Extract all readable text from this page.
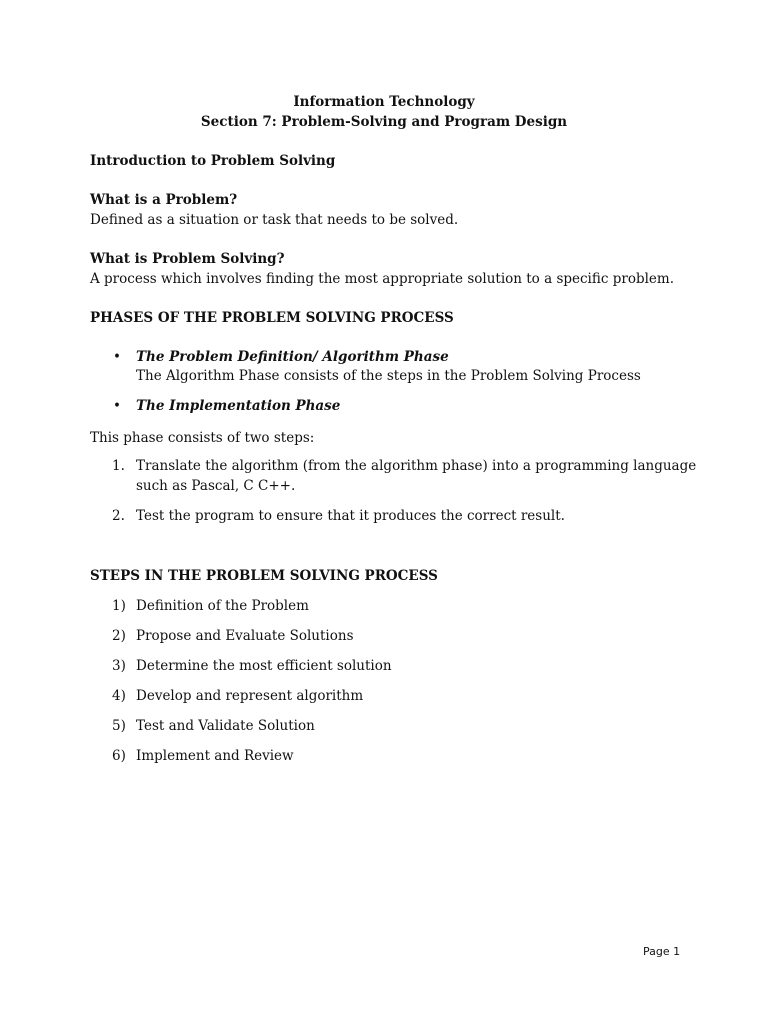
Information Technology
Section 7: Problem-Solving and Program Design
Introduction to Problem Solving
What is a Problem?
Defined as a situation or task that needs to be solved.
What is Problem Solving?
A process which involves finding the most appropriate solution to a specific problem.
PHASES OF THE PROBLEM SOLVING PROCESS
• The Problem Definition/ Algorithm Phase
The Algorithm Phase consists of the steps in the Problem Solving Process
• The Implementation Phase
This phase consists of two steps:
1. Translate the algorithm (from the algorithm phase) into a programming language
such as Pascal, C C++.
2. Test the program to ensure that it produces the correct result.
STEPS IN THE PROBLEM SOLVING PROCESS
1) Definition of the Problem
2) Propose and Evaluate Solutions
3) Determine the most efficient solution
4) Develop and represent algorithm
5) Test and Validate Solution
6) Implement and Review
Page 1
